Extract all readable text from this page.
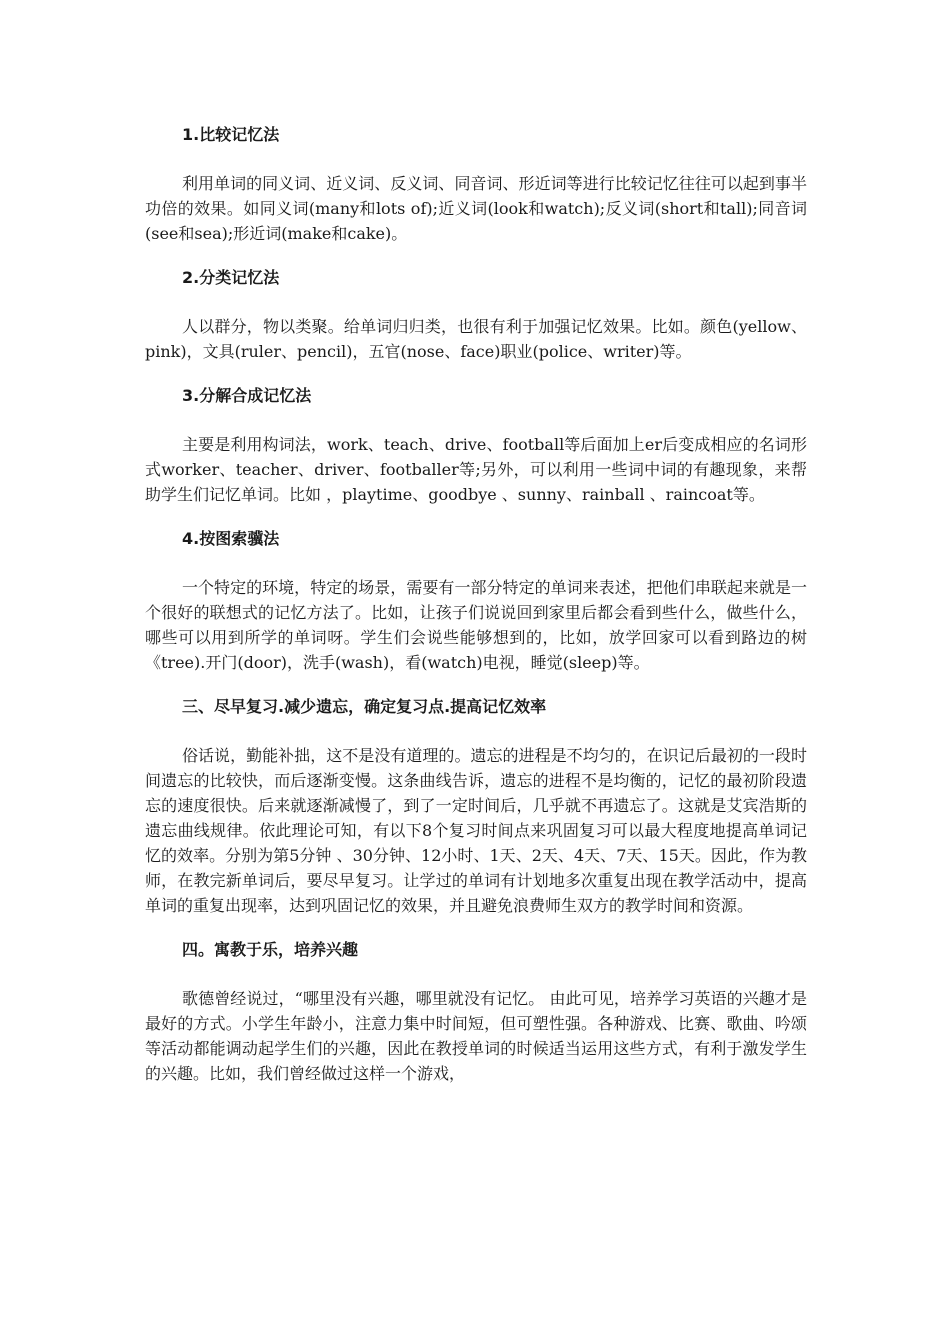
1.比较记忆法

利用单词的同义词、近义词、反义词、同音词、形近词等进行比较记忆往往可以起到事半功倍的效果。如同义词(many和lots of);近义词(look和watch);反义词(short和tall);同音词(see和sea);形近词(make和cake)。

2.分类记忆法

人以群分，物以类聚。给单词归归类，也很有利于加强记忆效果。比如。颜色(yellow、pink)，文具(ruler、pencil)，五官(nose、face)职业(police、writer)等。

3.分解合成记忆法

主要是利用构词法，work、teach、drive、football等后面加上er后变成相应的名词形式worker、teacher、driver、footballer等;另外，可以利用一些词中词的有趣现象，来帮助学生们记忆单词。比如 ，playtime、goodbye 、sunny、rainball 、raincoat等。

4.按图索骥法

一个特定的环境，特定的场景，需要有一部分特定的单词来表述，把他们串联起来就是一个很好的联想式的记忆方法了。比如，让孩子们说说回到家里后都会看到些什么，做些什么，哪些可以用到所学的单词呀。学生们会说些能够想到的，比如，放学回家可以看到路边的树《tree).开门(door)，洗手(wash)，看(watch)电视，睡觉(sleep)等。

三、尽早复习.减少遗忘，确定复习点.提高记忆效率

俗话说，勤能补拙，这不是没有道理的。遗忘的进程是不均匀的，在识记后最初的一段时间遗忘的比较快，而后逐渐变慢。这条曲线告诉，遗忘的进程不是均衡的，记忆的最初阶段遗忘的速度很快。后来就逐渐减慢了，到了一定时间后，几乎就不再遗忘了。这就是艾宾浩斯的遗忘曲线规律。依此理论可知，有以下8个复习时间点来巩固复习可以最大程度地提高单词记忆的效率。分别为第5分钟 、30分钟、12小时、1天、2天、4天、7天、15天。因此，作为教师，在教完新单词后，要尽早复习。让学过的单词有计划地多次重复出现在教学活动中，提高单词的重复出现率，达到巩固记忆的效果，并且避免浪费师生双方的教学时间和资源。

四。寓教于乐，培养兴趣

歌德曾经说过，“哪里没有兴趣，哪里就没有记忆。 由此可见，培养学习英语的兴趣才是最好的方式。小学生年龄小，注意力集中时间短，但可塑性强。各种游戏、比赛、歌曲、吟颂等活动都能调动起学生们的兴趣，因此在教授单词的时候适当运用这些方式，有利于激发学生的兴趣。比如，我们曾经做过这样一个游戏，
